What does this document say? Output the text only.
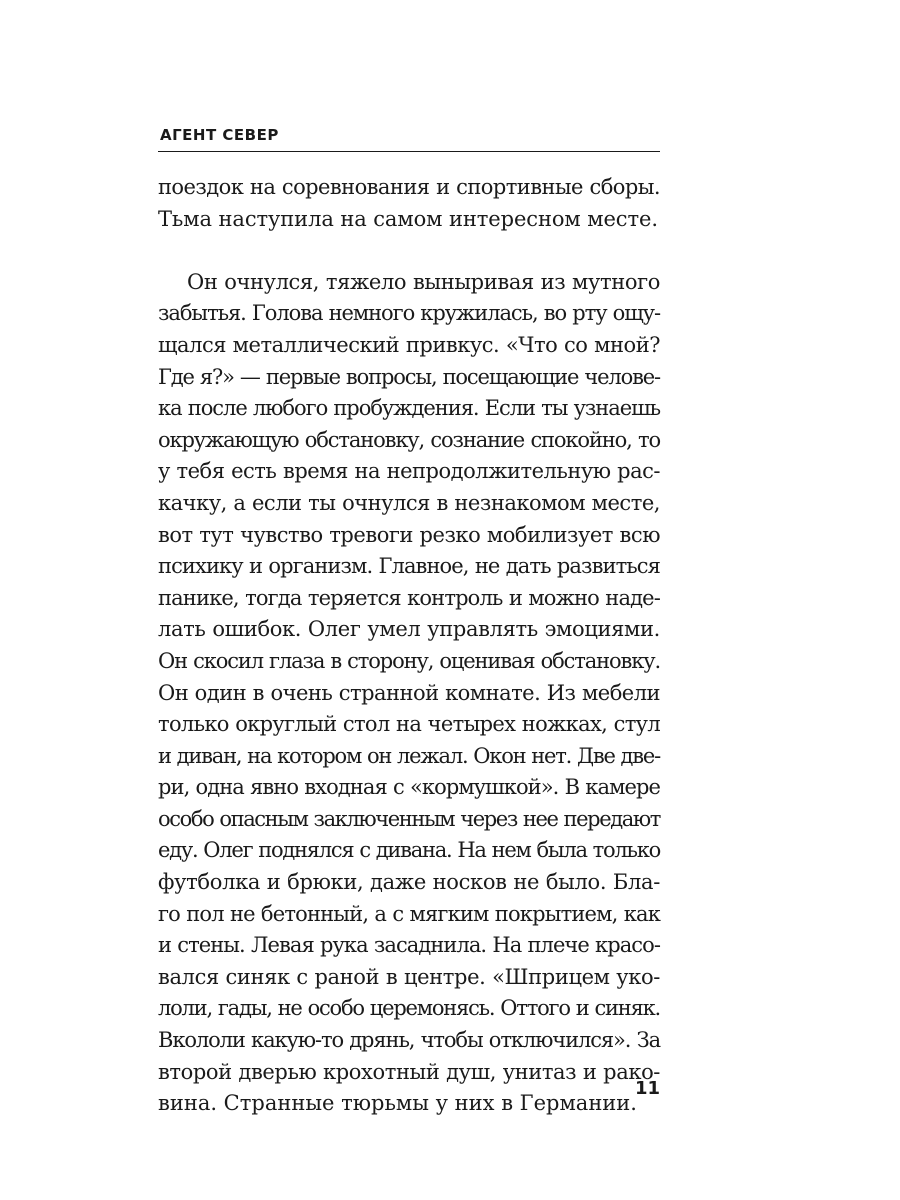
АГЕНТ СЕВЕР
поездок на соревнования и спортивные сборы.
Тьма наступила на самом интересном месте.
Он очнулся, тяжело выныривая из мутного
забытья. Голова немного кружилась, во рту ощу-
щался металлический привкус. «Что со мной?
Где я?» — первые вопросы, посещающие челове-
ка после любого пробуждения. Если ты узнаешь
окружающую обстановку, сознание спокойно, то
у тебя есть время на непродолжительную рас-
качку, а если ты очнулся в незнакомом месте,
вот тут чувство тревоги резко мобилизует всю
психику и организм. Главное, не дать развиться
панике, тогда теряется контроль и можно наде-
лать ошибок. Олег умел управлять эмоциями.
Он скосил глаза в сторону, оценивая обстановку.
Он один в очень странной комнате. Из мебели
только округлый стол на четырех ножках, стул
и диван, на котором он лежал. Окон нет. Две две-
ри, одна явно входная с «кормушкой». В камере
особо опасным заключенным через нее передают
еду. Олег поднялся с дивана. На нем была только
футболка и брюки, даже носков не было. Бла-
го пол не бетонный, а с мягким покрытием, как
и стены. Левая рука засаднила. На плече красо-
вался синяк с раной в центре. «Шприцем уко-
лоли, гады, не особо церемонясь. Оттого и синяк.
Вкололи какую-то дрянь, чтобы отключился». За
второй дверью крохотный душ, унитаз и рако-
вина. Странные тюрьмы у них в Германии.
11
